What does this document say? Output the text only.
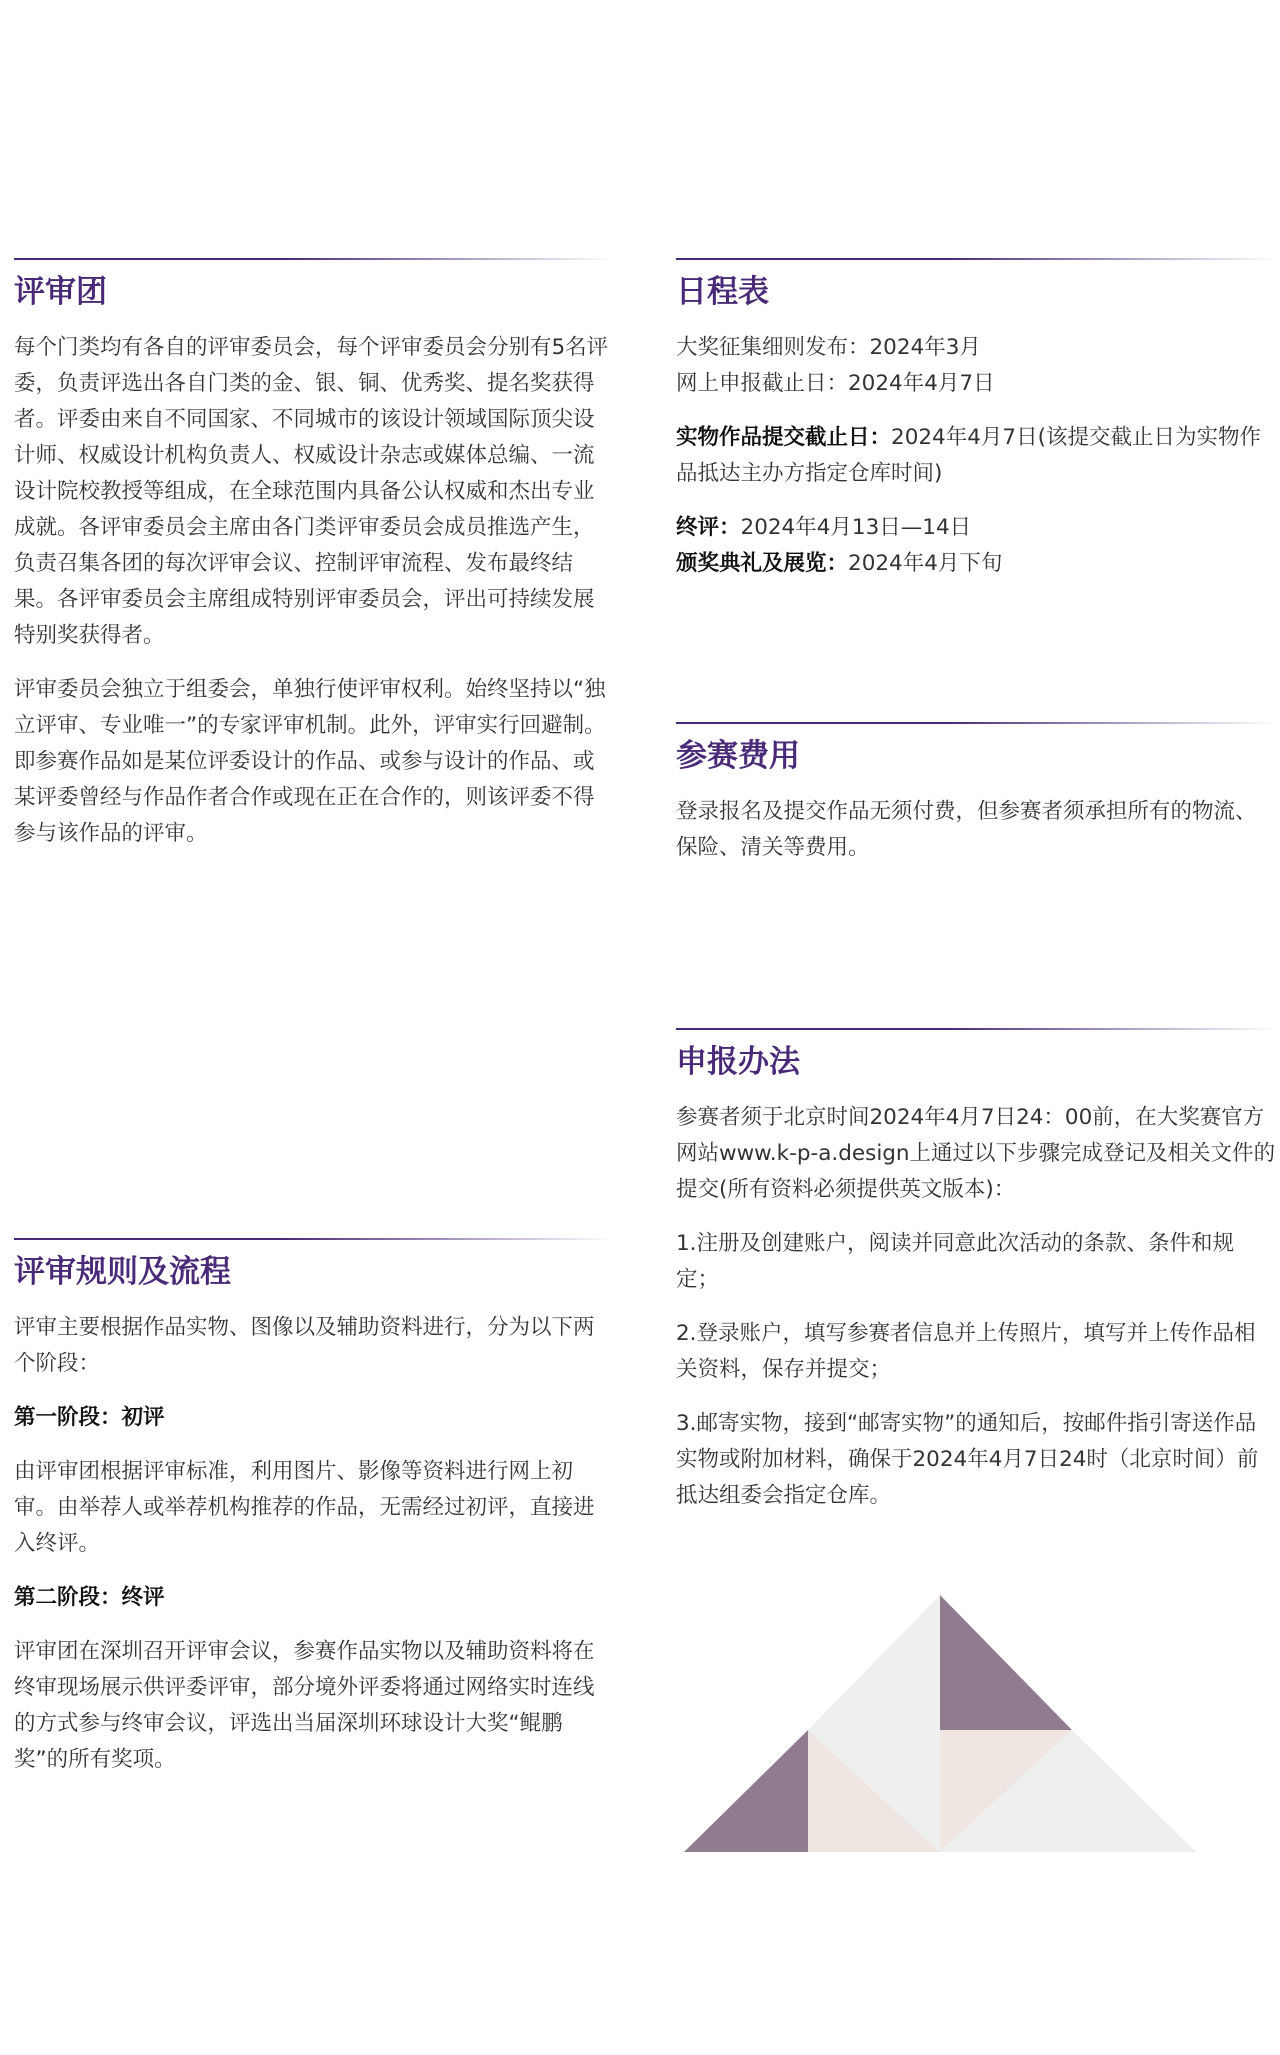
评审团

每个门类均有各自的评审委员会，每个评审委员会分别有5名评委，负责评选出各自门类的金、银、铜、优秀奖、提名奖获得者。评委由来自不同国家、不同城市的该设计领域国际顶尖设计师、权威设计机构负责人、权威设计杂志或媒体总编、一流设计院校教授等组成，在全球范围内具备公认权威和杰出专业成就。各评审委员会主席由各门类评审委员会成员推选产生，负责召集各团的每次评审会议、控制评审流程、发布最终结果。各评审委员会主席组成特别评审委员会，评出可持续发展特别奖获得者。

评审委员会独立于组委会，单独行使评审权利。始终坚持以“独立评审、专业唯一”的专家评审机制。此外，评审实行回避制。即参赛作品如是某位评委设计的作品、或参与设计的作品、或某评委曾经与作品作者合作或现在正在合作的，则该评委不得参与该作品的评审。

评审规则及流程

评审主要根据作品实物、图像以及辅助资料进行，分为以下两个阶段：

第一阶段：初评

由评审团根据评审标准，利用图片、影像等资料进行网上初审。由举荐人或举荐机构推荐的作品，无需经过初评，直接进入终评。

第二阶段：终评

评审团在深圳召开评审会议，参赛作品实物以及辅助资料将在终审现场展示供评委评审，部分境外评委将通过网络实时连线的方式参与终审会议，评选出当届深圳环球设计大奖“鲲鹏奖”的所有奖项。

日程表

大奖征集细则发布：2024年3月

网上申报截止日：2024年4月7日

实物作品提交截止日：2024年4月7日(该提交截止日为实物作品抵达主办方指定仓库时间)

终评：2024年4月13日—14日

颁奖典礼及展览：2024年4月下旬

参赛费用

登录报名及提交作品无须付费，但参赛者须承担所有的物流、保险、清关等费用。

申报办法

参赛者须于北京时间2024年4月7日24：00前，在大奖赛官方网站www.k-p-a.design上通过以下步骤完成登记及相关文件的提交(所有资料必须提供英文版本)：

1.注册及创建账户，阅读并同意此次活动的条款、条件和规定；

2.登录账户，填写参赛者信息并上传照片，填写并上传作品相关资料，保存并提交；

3.邮寄实物，接到“邮寄实物”的通知后，按邮件指引寄送作品实物或附加材料，确保于2024年4月7日24时（北京时间）前抵达组委会指定仓库。
